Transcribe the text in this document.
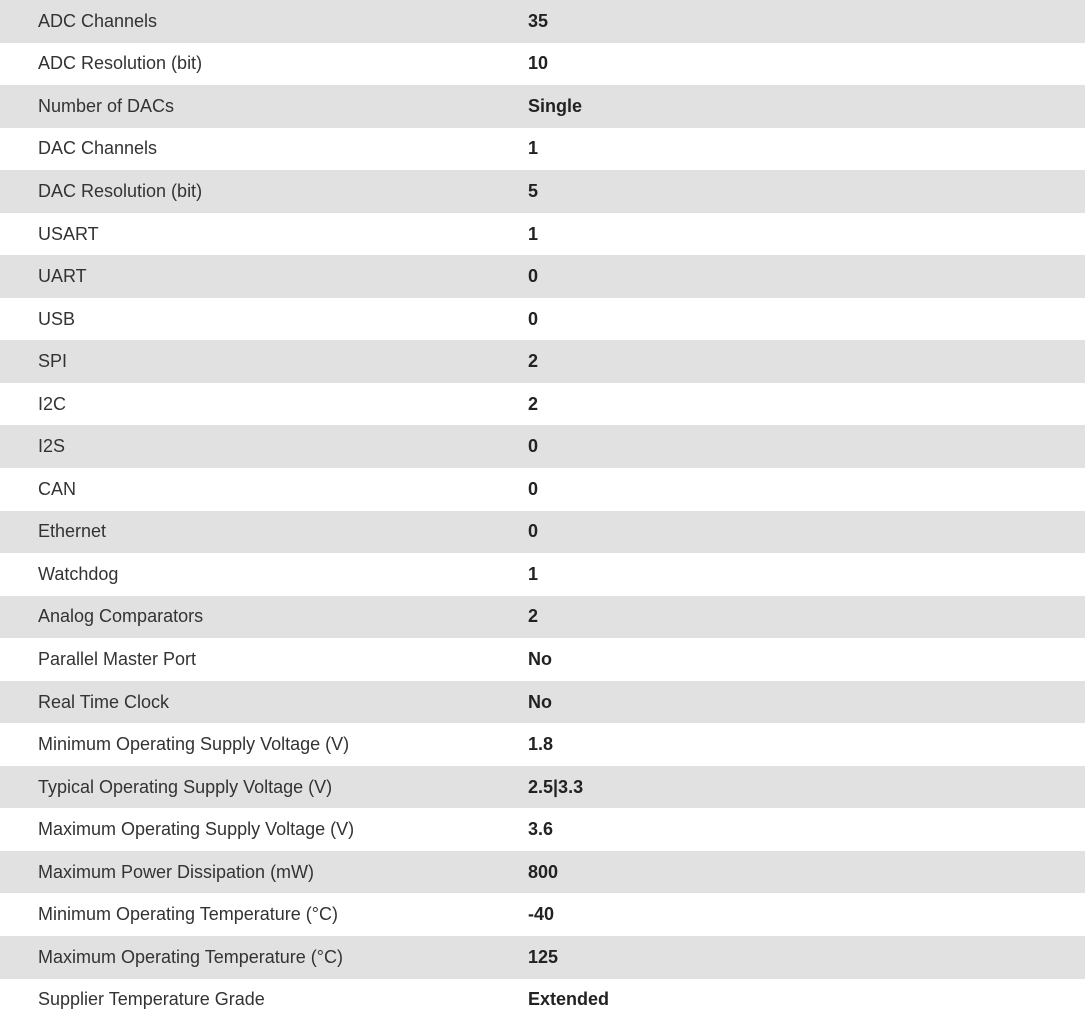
ADC Channels	35
ADC Resolution (bit)	10
Number of DACs	Single
DAC Channels	1
DAC Resolution (bit)	5
USART	1
UART	0
USB	0
SPI	2
I2C	2
I2S	0
CAN	0
Ethernet	0
Watchdog	1
Analog Comparators	2
Parallel Master Port	No
Real Time Clock	No
Minimum Operating Supply Voltage (V)	1.8
Typical Operating Supply Voltage (V)	2.5|3.3
Maximum Operating Supply Voltage (V)	3.6
Maximum Power Dissipation (mW)	800
Minimum Operating Temperature (°C)	-40
Maximum Operating Temperature (°C)	125
Supplier Temperature Grade	Extended
